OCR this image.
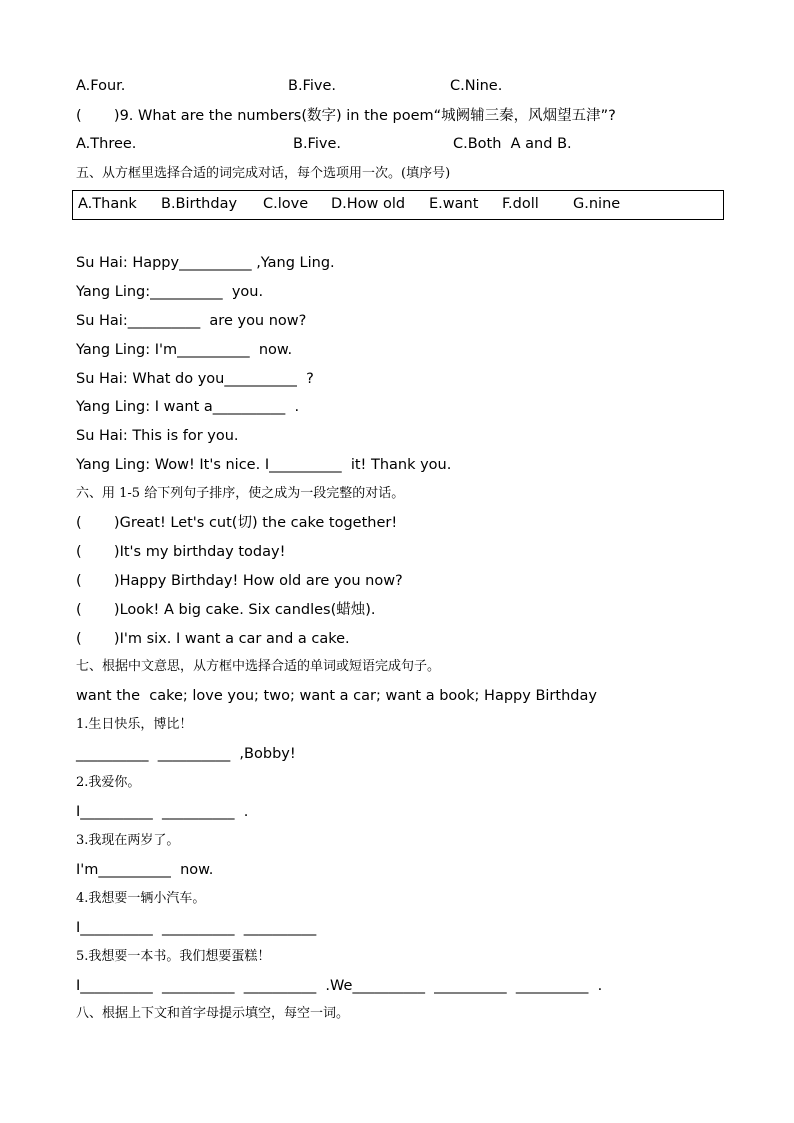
A.Four.	B.Five.	C.Nine.
(       )9. What are the numbers(数字) in the poem“城阙辅三秦，风烟望五津”?
A.Three.	B.Five.	C.Both  A and B.
五、从方框里选择合适的词完成对话，每个选项用一次。(填序号)
A.Thank B.Birthday C.love D.How old E.want F.doll G.nine
Su Hai: Happy__________ ,Yang Ling.
Yang Ling:__________  you.
Su Hai:__________  are you now?
Yang Ling: I'm__________  now.
Su Hai: What do you__________  ?
Yang Ling: I want a__________  .
Su Hai: This is for you.
Yang Ling: Wow! It's nice. I__________  it! Thank you.
六、用 1-5 给下列句子排序，使之成为一段完整的对话。
(       )Great! Let's cut(切) the cake together!
(       )It's my birthday today!
(       )Happy Birthday! How old are you now?
(       )Look! A big cake. Six candles(蜡烛).
(       )I'm six. I want a car and a cake.
七、根据中文意思，从方框中选择合适的单词或短语完成句子。
want the  cake; love you; two; want a car; want a book; Happy Birthday
1.生日快乐，博比！
__________  __________  ,Bobby!
2.我爱你。
I__________  __________  .
3.我现在两岁了。
I'm__________  now.
4.我想要一辆小汽车。
I__________  __________  __________
5.我想要一本书。我们想要蛋糕！
I__________  __________  __________  .We__________  __________  __________  .
八、根据上下文和首字母提示填空，每空一词。
